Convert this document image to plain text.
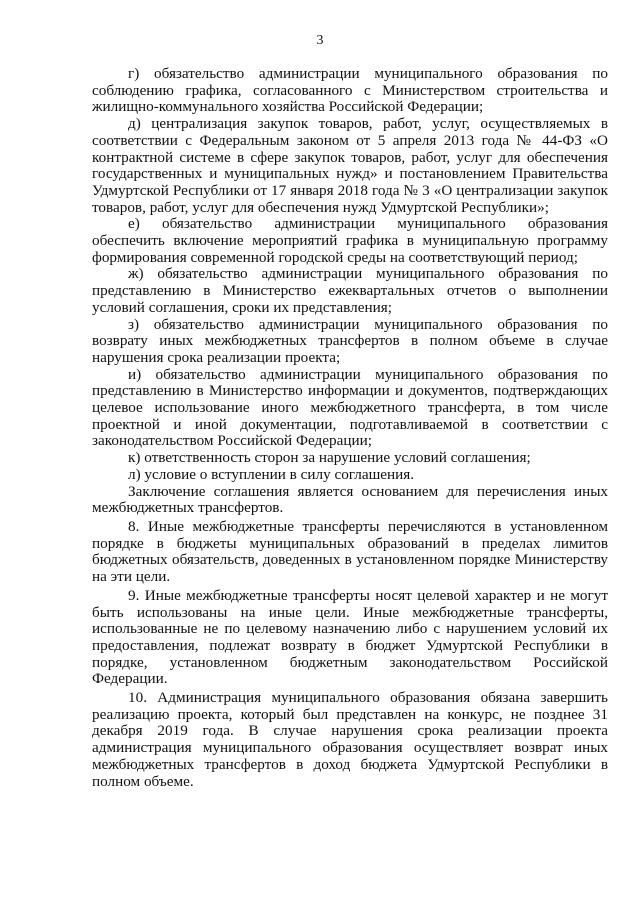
3

г) обязательство администрации муниципального образования по соблюдению графика, согласованного с Министерством строительства и жилищно-коммунального хозяйства Российской Федерации;

д) централизация закупок товаров, работ, услуг, осуществляемых в соответствии с Федеральным законом от 5 апреля 2013 года № 44-ФЗ «О контрактной системе в сфере закупок товаров, работ, услуг для обеспечения государственных и муниципальных нужд» и постановлением Правительства Удмуртской Республики от 17 января 2018 года № 3 «О централизации закупок товаров, работ, услуг для обеспечения нужд Удмуртской Республики»;

е) обязательство администрации муниципального образования обеспечить включение мероприятий графика в муниципальную программу формирования современной городской среды на соответствующий период;

ж) обязательство администрации муниципального образования по представлению в Министерство ежеквартальных отчетов о выполнении условий соглашения, сроки их представления;

з) обязательство администрации муниципального образования по возврату иных межбюджетных трансфертов в полном объеме в случае нарушения срока реализации проекта;

и) обязательство администрации муниципального образования по представлению в Министерство информации и документов, подтверждающих целевое использование иного межбюджетного трансферта, в том числе проектной и иной документации, подготавливаемой в соответствии с законодательством Российской Федерации;

к) ответственность сторон за нарушение условий соглашения;

л) условие о вступлении в силу соглашения.

Заключение соглашения является основанием для перечисления иных межбюджетных трансфертов.

8. Иные межбюджетные трансферты перечисляются в установленном порядке в бюджеты муниципальных образований в пределах лимитов бюджетных обязательств, доведенных в установленном порядке Министерству на эти цели.

9. Иные межбюджетные трансферты носят целевой характер и не могут быть использованы на иные цели. Иные межбюджетные трансферты, использованные не по целевому назначению либо с нарушением условий их предоставления, подлежат возврату в бюджет Удмуртской Республики в порядке, установленном бюджетным законодательством Российской Федерации.

10. Администрация муниципального образования обязана завершить реализацию проекта, который был представлен на конкурс, не позднее 31 декабря 2019 года. В случае нарушения срока реализации проекта администрация муниципального образования осуществляет возврат иных межбюджетных трансфертов в доход бюджета Удмуртской Республики в полном объеме.
